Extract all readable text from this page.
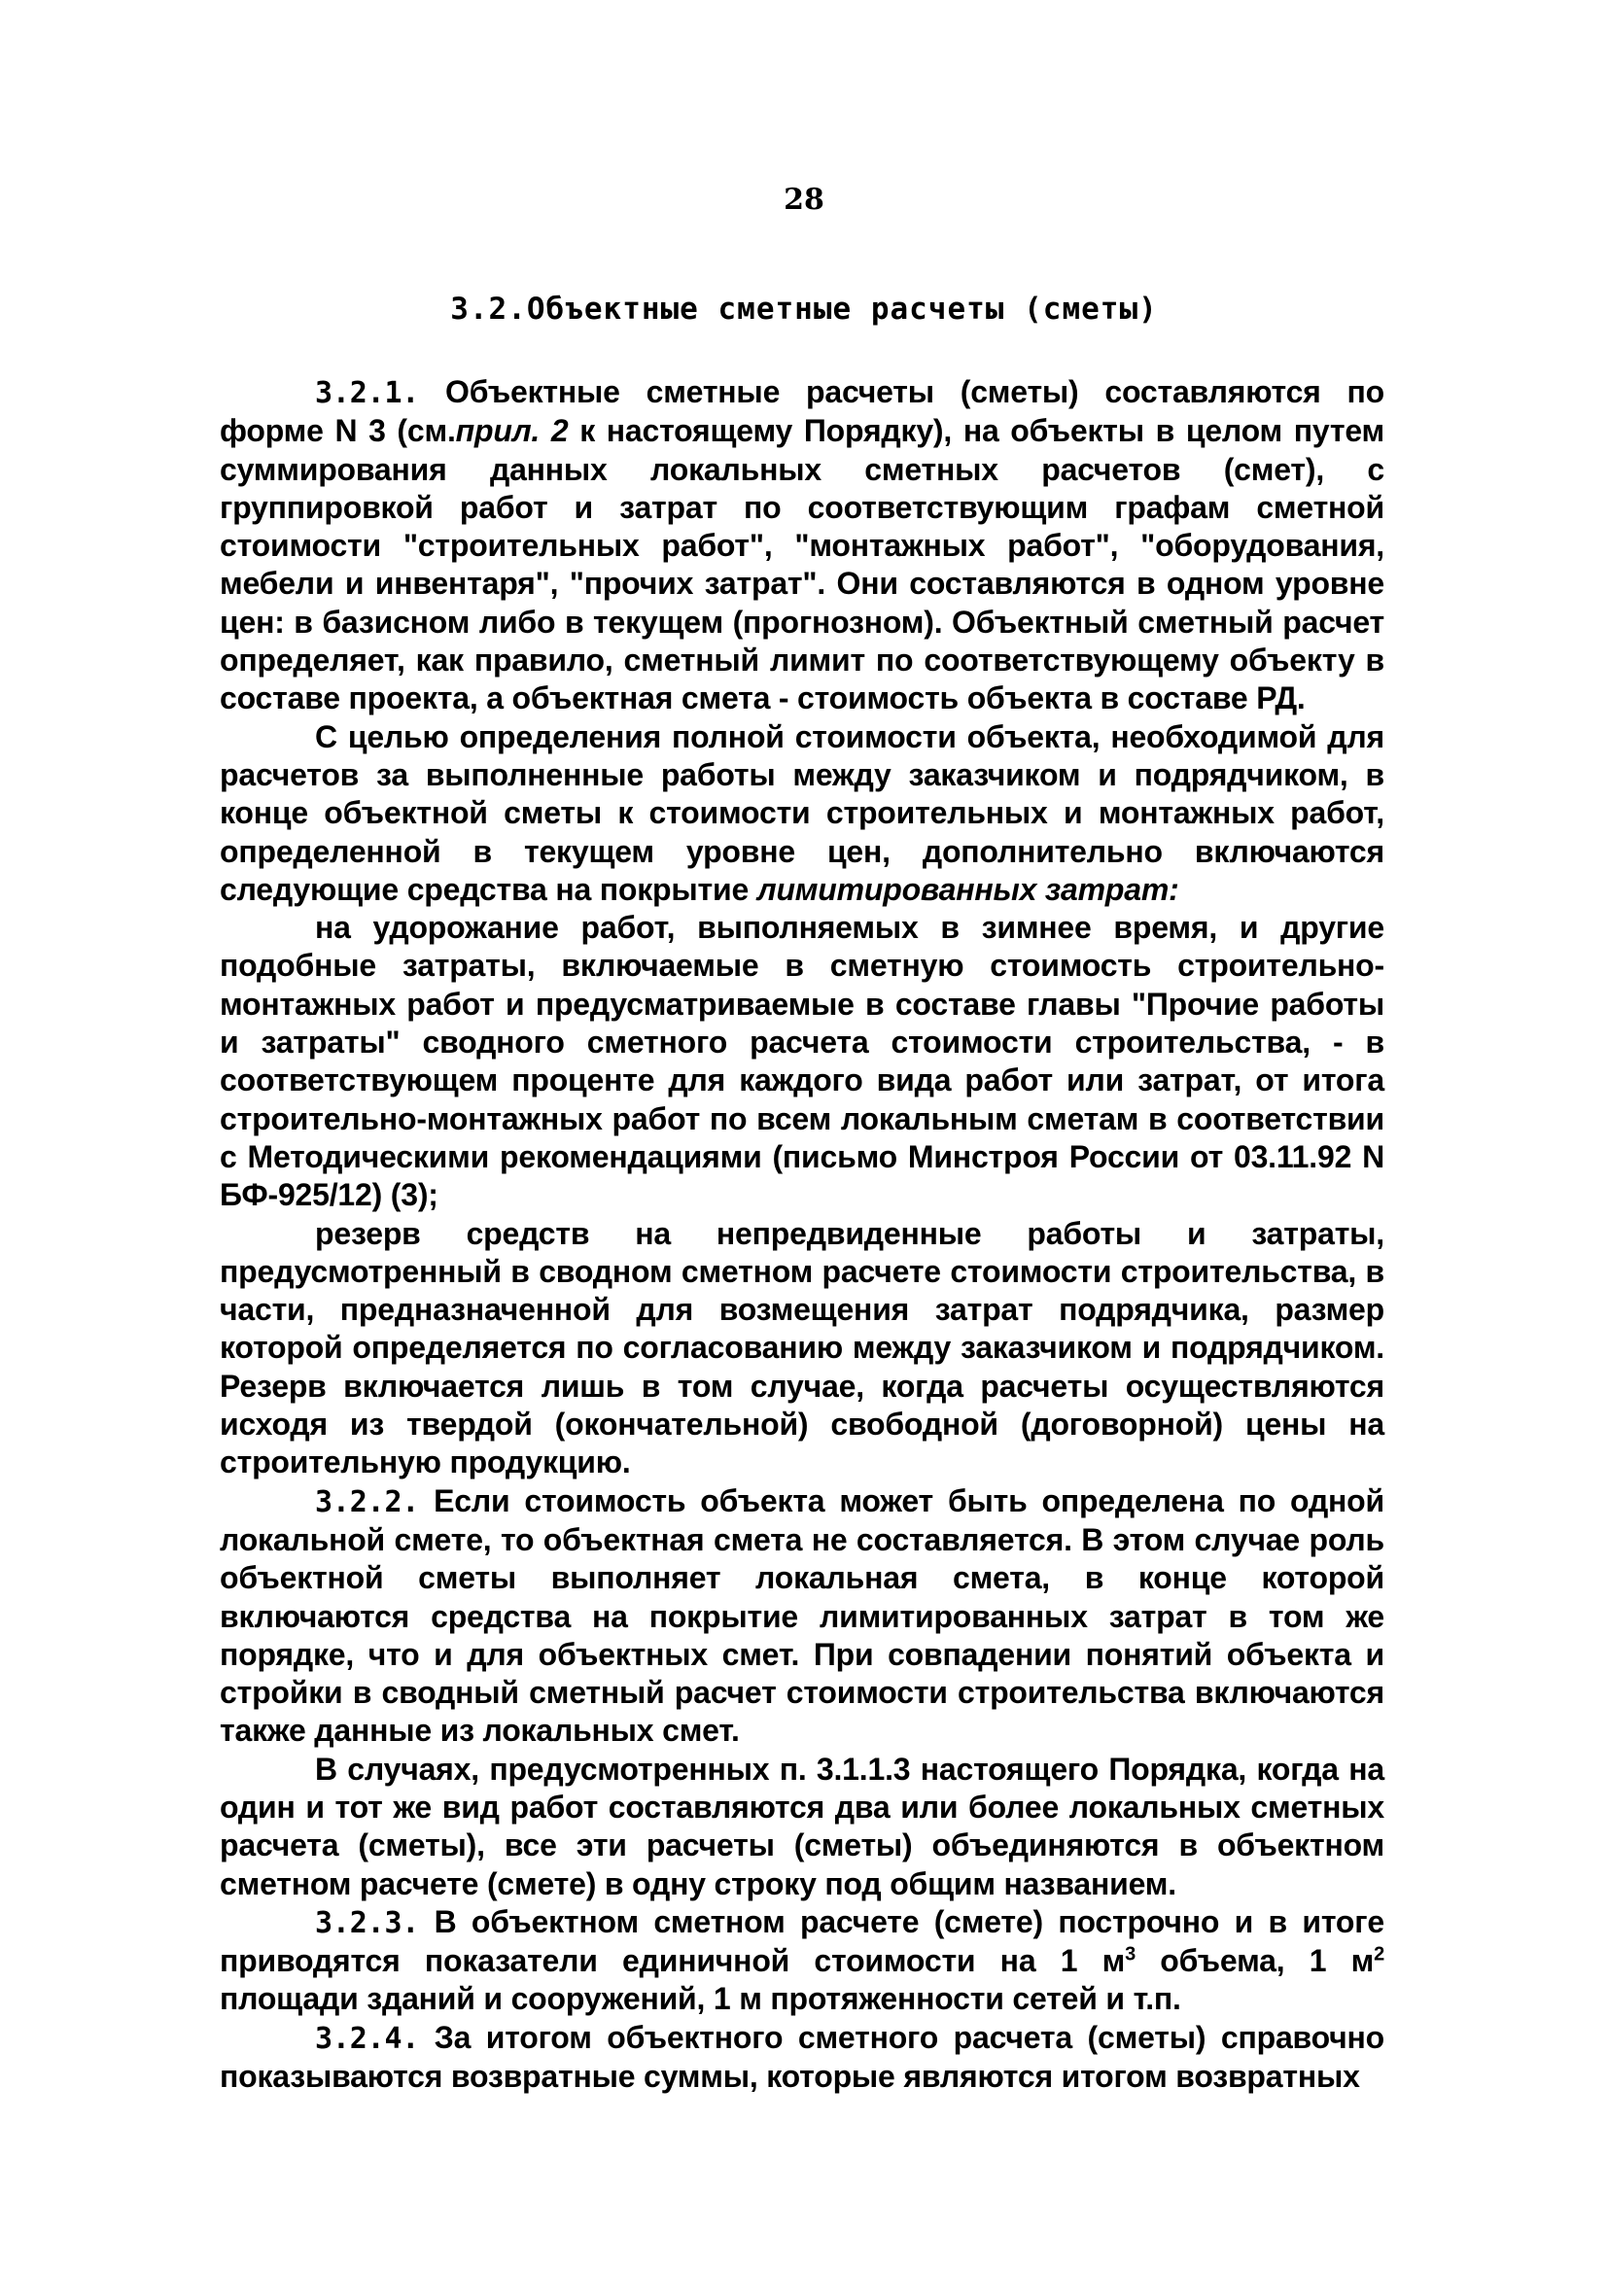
28
3.2.Объектные сметные расчеты (сметы)

3.2.1. Объектные сметные расчеты (сметы) составляются по форме N 3 (см.прил. 2 к настоящему Порядку), на объекты в целом путем суммирования данных локальных сметных расчетов (смет), с группировкой работ и затрат по соответствующим графам сметной стоимости "строительных работ", "монтажных работ", "оборудования, мебели и инвентаря", "прочих затрат". Они составляются в одном уровне цен: в базисном либо в текущем (прогнозном). Объектный сметный расчет определяет, как правило, сметный лимит по соответствующему объекту в составе проекта, а объектная смета - стоимость объекта в составе РД.

С целью определения полной стоимости объекта, необходимой для расчетов за выполненные работы между заказчиком и подрядчиком, в конце объектной сметы к стоимости строительных и монтажных работ, определенной в текущем уровне цен, дополнительно включаются следующие средства на покрытие лимитированных затрат:

на удорожание работ, выполняемых в зимнее время, и другие подобные затраты, включаемые в сметную стоимость строительно-монтажных работ и предусматриваемые в составе главы "Прочие работы и затраты" сводного сметного расчета стоимости строительства, - в соответствующем проценте для каждого вида работ или затрат, от итога строительно-монтажных работ по всем локальным сметам в соответствии с Методическими рекомендациями (письмо Минстроя России от 03.11.92 N БФ-925/12) (3);

резерв средств на непредвиденные работы и затраты, предусмотренный в сводном сметном расчете стоимости строительства, в части, предназначенной для возмещения затрат подрядчика, размер которой определяется по согласованию между заказчиком и подрядчиком. Резерв включается лишь в том случае, когда расчеты осуществляются исходя из твердой (окончательной) свободной (договорной) цены на строительную продукцию.

3.2.2. Если стоимость объекта может быть определена по одной локальной смете, то объектная смета не составляется. В этом случае роль объектной сметы выполняет локальная смета, в конце которой включаются средства на покрытие лимитированных затрат в том же порядке, что и для объектных смет. При совпадении понятий объекта и стройки в сводный сметный расчет стоимости строительства включаются также данные из локальных смет.

В случаях, предусмотренных п. 3.1.1.3 настоящего Порядка, когда на один и тот же вид работ составляются два или более локальных сметных расчета (сметы), все эти расчеты (сметы) объединяются в объектном сметном расчете (смете) в одну строку под общим названием.

3.2.3. В объектном сметном расчете (смете) построчно и в итоге приводятся показатели единичной стоимости на 1 $м^3$ объема, 1 $м^2$ площади зданий и сооружений, 1 м протяженности сетей и т.п.

3.2.4. За итогом объектного сметного расчета (сметы) справочно показываются возвратные суммы, которые являются итогом возвратных
